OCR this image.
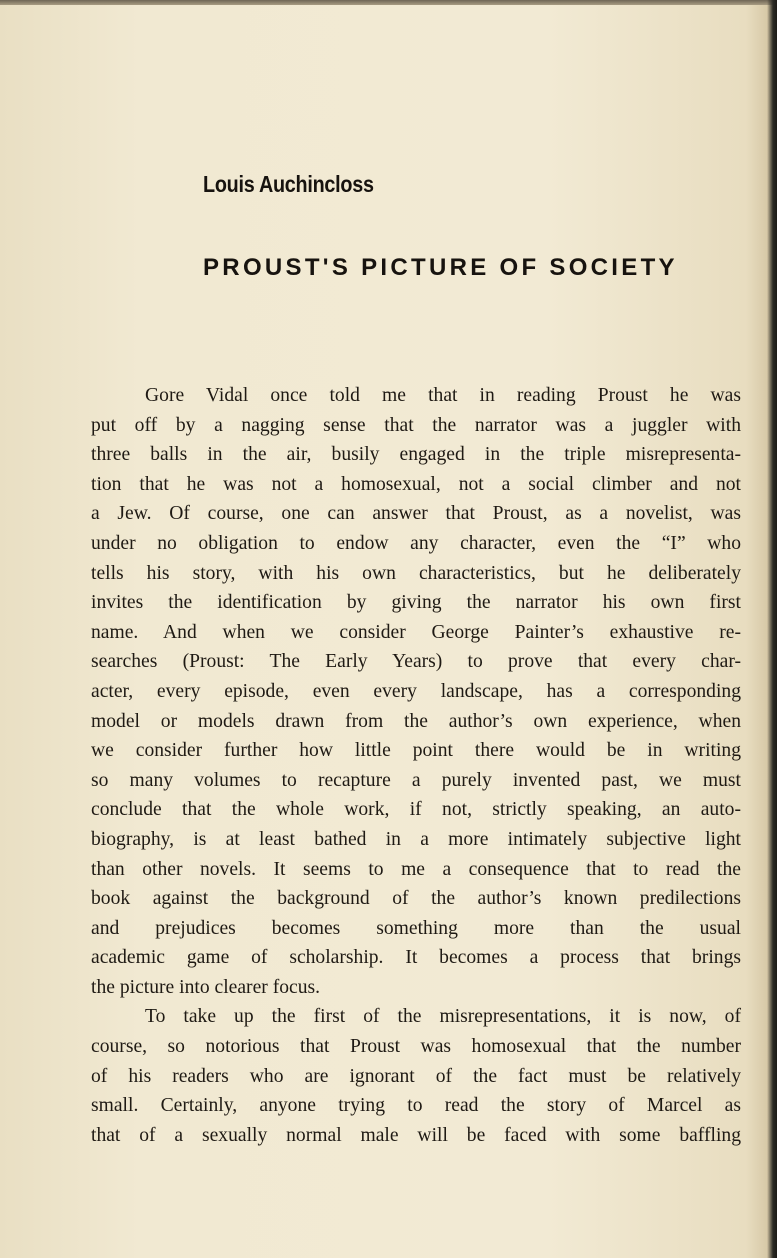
Louis Auchincloss
PROUST'S PICTURE OF SOCIETY
Gore Vidal once told me that in reading Proust he was
put off by a nagging sense that the narrator was a juggler with
three balls in the air, busily engaged in the triple misrepresenta-
tion that he was not a homosexual, not a social climber and not
a Jew. Of course, one can answer that Proust, as a novelist, was
under no obligation to endow any character, even the “I” who
tells his story, with his own characteristics, but he deliberately
invites the identification by giving the narrator his own first
name. And when we consider George Painter’s exhaustive re-
searches (Proust: The Early Years) to prove that every char-
acter, every episode, even every landscape, has a corresponding
model or models drawn from the author’s own experience, when
we consider further how little point there would be in writing
so many volumes to recapture a purely invented past, we must
conclude that the whole work, if not, strictly speaking, an auto-
biography, is at least bathed in a more intimately subjective light
than other novels. It seems to me a consequence that to read the
book against the background of the author’s known predilections
and prejudices becomes something more than the usual
academic game of scholarship. It becomes a process that brings
the picture into clearer focus.
To take up the first of the misrepresentations, it is now, of
course, so notorious that Proust was homosexual that the number
of his readers who are ignorant of the fact must be relatively
small. Certainly, anyone trying to read the story of Marcel as
that of a sexually normal male will be faced with some baffling
